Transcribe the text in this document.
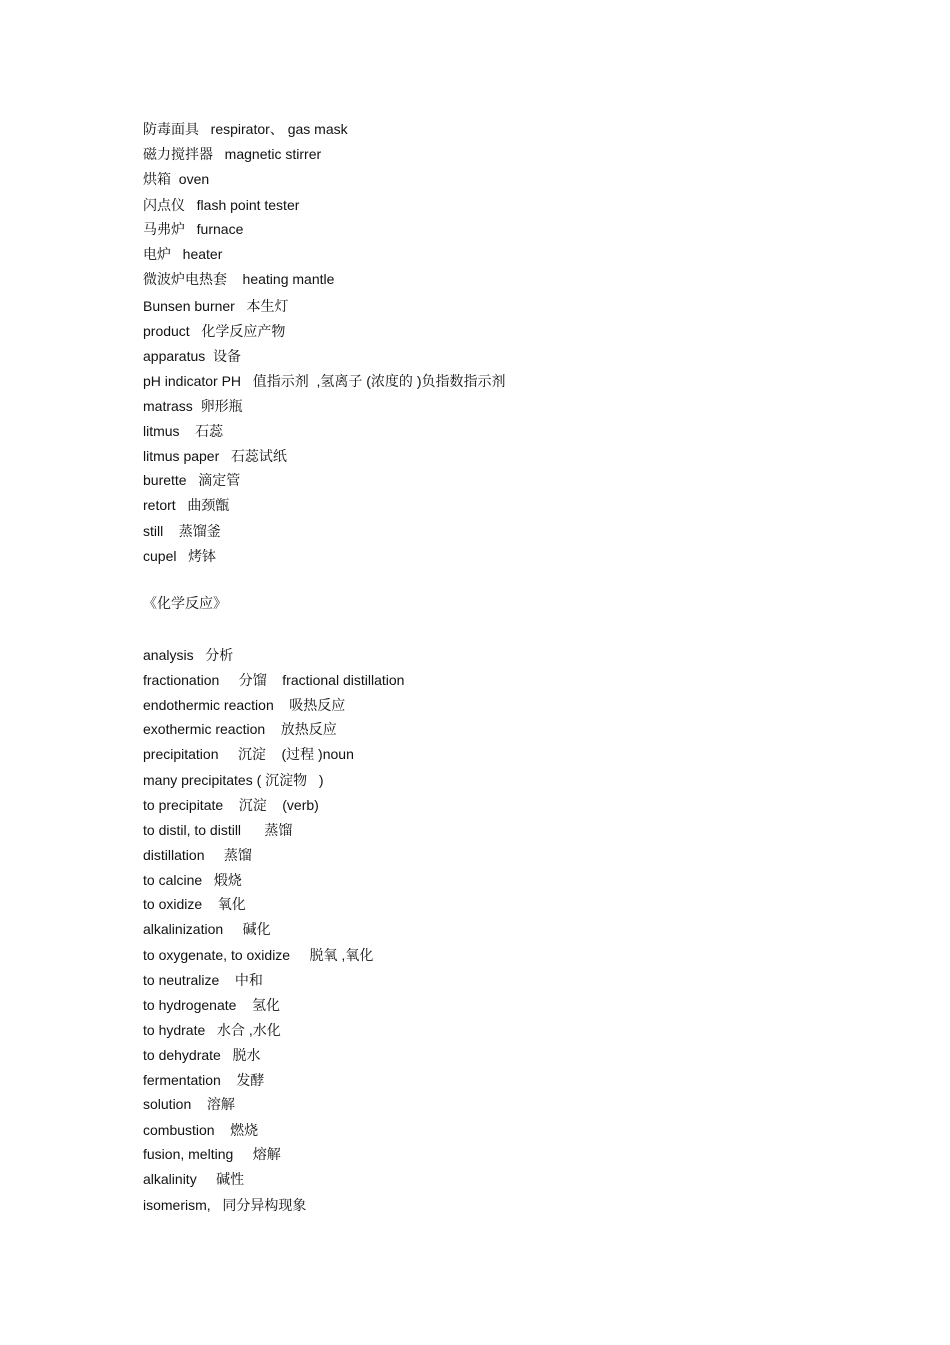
防毒面具   respirator、 gas mask
磁力搅拌器   magnetic stirrer
烘箱  oven
闪点仪   flash point tester
马弗炉   furnace
电炉   heater
微波炉电热套    heating mantle
Bunsen burner   本生灯
product   化学反应产物
apparatus  设备
pH indicator PH   值指示剂  ,氢离子 (浓度的 )负指数指示剂
matrass  卵形瓶
litmus    石蕊
litmus paper   石蕊试纸
burette   滴定管
retort   曲颈甑
still    蒸馏釜
cupel   烤钵
《化学反应》
analysis   分析
fractionation     分馏    fractional distillation
endothermic reaction    吸热反应
exothermic reaction    放热反应
precipitation     沉淀    (过程 )noun
many precipitates ( 沉淀物   )
to precipitate    沉淀    (verb)
to distil, to distill      蒸馏
distillation     蒸馏
to calcine   煅烧
to oxidize    氧化
alkalinization     碱化
to oxygenate, to oxidize     脱氧 ,氧化
to neutralize    中和
to hydrogenate    氢化
to hydrate   水合 ,水化
to dehydrate   脱水
fermentation    发酵
solution    溶解
combustion    燃烧
fusion, melting     熔解
alkalinity     碱性
isomerism,   同分异构现象
